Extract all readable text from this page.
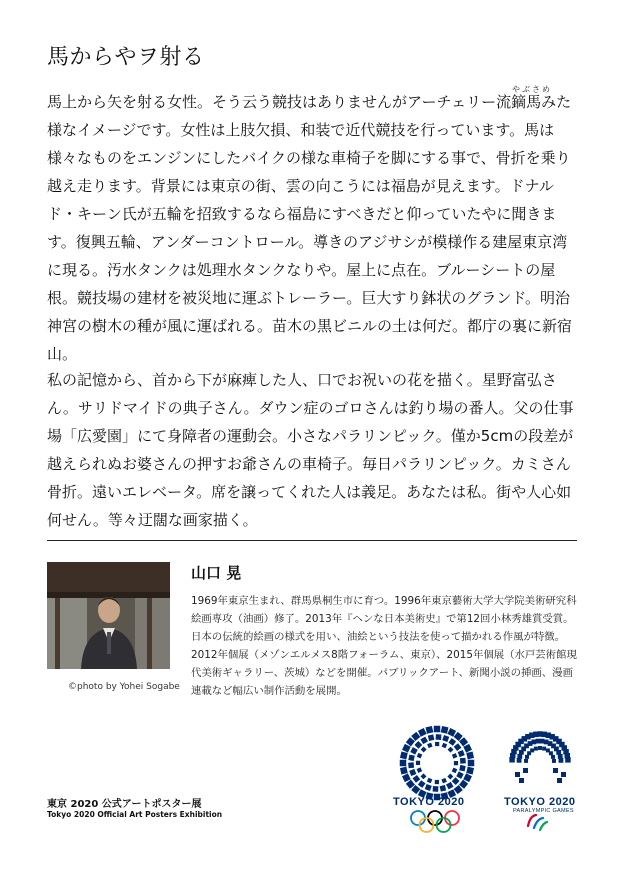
馬からやヲ射る
やぶさめ

馬上から矢を射る女性。そう云う競技はありませんがアーチェリー流鏑馬みた様なイメージです。女性は上肢欠損、和装で近代競技を行っています。馬は様々なものをエンジンにしたバイクの様な車椅子を脚にする事で、骨折を乗り越え走ります。背景には東京の街、雲の向こうには福島が見えます。ドナルド・キーン氏が五輪を招致するなら福島にすべきだと仰っていたやに聞きます。復興五輪、アンダーコントロール。導きのアジサシが模様作る建屋東京湾に現る。汚水タンクは処理水タンクなりや。屋上に点在。ブルーシートの屋根。競技場の建材を被災地に運ぶトレーラー。巨大すり鉢状のグランド。明治神宮の樹木の種が風に運ばれる。苗木の黒ビニルの土は何だ。都庁の裏に新宿山。

私の記憶から、首から下が麻痺した人、口でお祝いの花を描く。星野富弘さん。サリドマイドの典子さん。ダウン症のゴロさんは釣り場の番人。父の仕事場「広愛園」にて身障者の運動会。小さなパラリンピック。僅か5cmの段差が越えられぬお婆さんの押すお爺さんの車椅子。毎日パラリンピック。カミさん骨折。遠いエレベータ。席を譲ってくれた人は義足。あなたは私。街や人心如何せん。等々迂闊な画家描く。

©photo by Yohei Sogabe
山口 晃

1969年東京生まれ、群馬県桐生市に育つ。1996年東京藝術大学大学院美術研究科絵画専攻（油画）修了。2013年『ヘンな日本美術史』で第12回小林秀雄賞受賞。日本の伝統的絵画の様式を用い、油絵という技法を使って描かれる作風が特徴。2012年個展（メゾンエルメス8階フォーラム、東京）、2015年個展（水戸芸術館現代美術ギャラリー、茨城）などを開催。パブリックアート、新聞小説の挿画、漫画連載など幅広い制作活動を展開。

東京 2020 公式アートポスター展

Tokyo 2020 Official Art Posters Exhibition

TOKYO 2020	TOKYO 2020
PARALYMPIC GAMES
